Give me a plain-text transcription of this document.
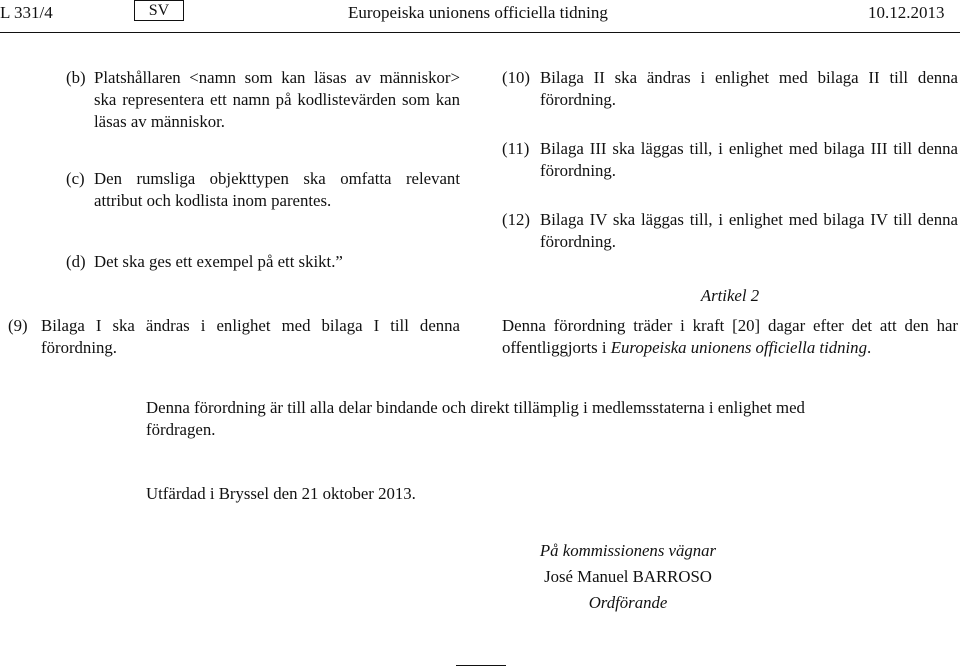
L 331/4	SV	Europeiska unionens officiella tidning	10.12.2013
(b) Platshållaren <namn som kan läsas av människor> ska representera ett namn på kodlistevärden som kan läsas av människor.
(c) Den rumsliga objekttypen ska omfatta relevant attribut och kodlista inom parentes.
(d) Det ska ges ett exempel på ett skikt.”
(9) Bilaga I ska ändras i enlighet med bilaga I till denna förordning.
(10) Bilaga II ska ändras i enlighet med bilaga II till denna förordning.
(11) Bilaga III ska läggas till, i enlighet med bilaga III till denna förordning.
(12) Bilaga IV ska läggas till, i enlighet med bilaga IV till denna förordning.
Artikel 2
Denna förordning träder i kraft [20] dagar efter det att den har offentliggjorts i Europeiska unionens officiella tidning.
Denna förordning är till alla delar bindande och direkt tillämplig i medlemsstaterna i enlighet med fördragen.
Utfärdad i Bryssel den 21 oktober 2013.
På kommissionens vägnar
José Manuel BARROSO
Ordförande
